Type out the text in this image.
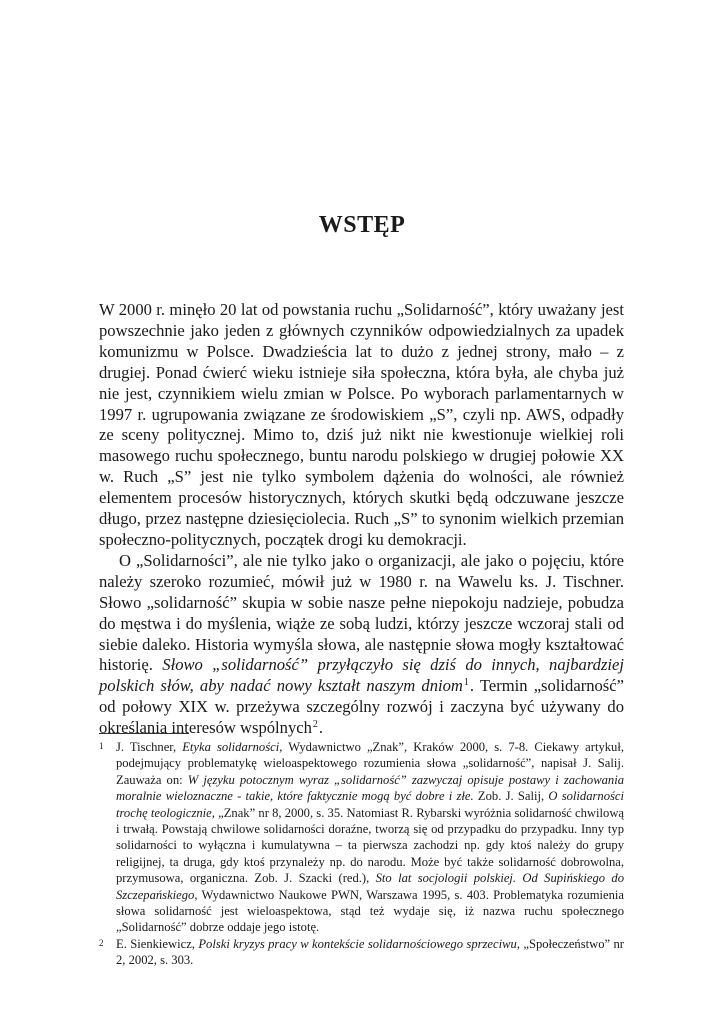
WSTĘP

W 2000 r. minęło 20 lat od powstania ruchu „Solidarność”, który uważany jest powszechnie jako jeden z głównych czynników odpowiedzialnych za upadek komunizmu w Polsce. Dwadzieścia lat to dużo z jednej strony, mało – z drugiej. Ponad ćwierć wieku istnieje siła społeczna, która była, ale chyba już nie jest, czynnikiem wielu zmian w Polsce. Po wyborach parlamentarnych w 1997 r. ugrupowania związane ze środowiskiem „S”, czyli np. AWS, odpadły ze sceny politycznej. Mimo to, dziś już nikt nie kwestionuje wielkiej roli masowego ruchu społecznego, buntu narodu polskiego w drugiej połowie XX w. Ruch „S” jest nie tylko symbolem dążenia do wolności, ale również elementem procesów historycznych, których skutki będą odczuwane jeszcze długo, przez następne dziesięciolecia. Ruch „S” to synonim wielkich przemian społeczno-politycznych, początek drogi ku demokracji.

O „Solidarności”, ale nie tylko jako o organizacji, ale jako o pojęciu, które należy szeroko rozumieć, mówił już w 1980 r. na Wawelu ks. J. Tischner. Słowo „solidarność” skupia w sobie nasze pełne niepokoju nadzieje, pobudza do męstwa i do myślenia, wiąże ze sobą ludzi, którzy jeszcze wczoraj stali od siebie daleko. Historia wymyśla słowa, ale następnie słowa mogły kształtować historię. Słowo „solidarność” przyłączyło się dziś do innych, najbardziej polskich słów, aby nadać nowy kształt naszym dniom$^1$. Termin „solidarność” od połowy XIX w. przeżywa szczególny rozwój i zaczyna być używany do określania interesów wspólnych$^2$.

1 J. Tischner, Etyka solidarności, Wydawnictwo „Znak”, Kraków 2000, s. 7-8. Ciekawy artykuł, podejmujący problematykę wieloaspektowego rozumienia słowa „solidarność”, napisał J. Salij. Zauważa on: W języku potocznym wyraz „solidarność” zazwyczaj opisuje postawy i zachowania moralnie wieloznaczne - takie, które faktycznie mogą być dobre i złe. Zob. J. Salij, O solidarności trochę teologicznie, „Znak” nr 8, 2000, s. 35. Natomiast R. Rybarski wyróżnia solidarność chwilową i trwałą. Powstają chwilowe solidarności doraźne, tworzą się od przypadku do przypadku. Inny typ solidarności to wyłączna i kumulatywna – ta pierwsza zachodzi np. gdy ktoś należy do grupy religijnej, ta druga, gdy ktoś przynależy np. do narodu. Może być także solidarność dobrowolna, przymusowa, organiczna. Zob. J. Szacki (red.), Sto lat socjologii polskiej. Od Supińskiego do Szczepańskiego, Wydawnictwo Naukowe PWN, Warszawa 1995, s. 403. Problematyka rozumienia słowa solidarność jest wieloaspektowa, stąd też wydaje się, iż nazwa ruchu społecznego „Solidarność” dobrze oddaje jego istotę.
2 E. Sienkiewicz, Polski kryzys pracy w kontekście solidarnościowego sprzeciwu, „Społeczeństwo” nr 2, 2002, s. 303.
